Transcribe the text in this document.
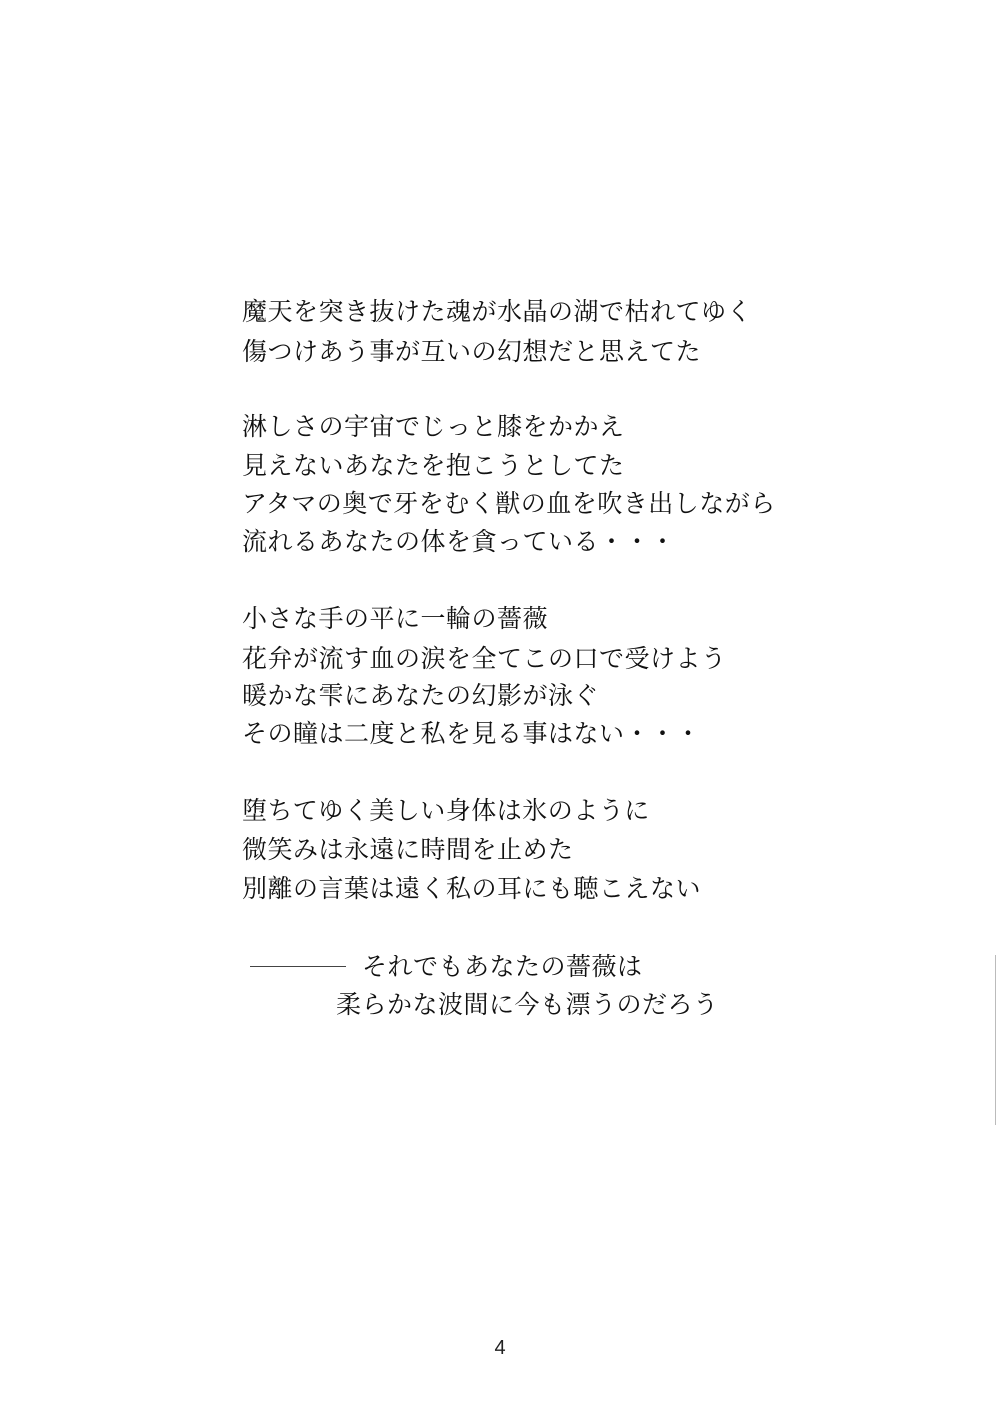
魔天を突き抜けた魂が水晶の湖で枯れてゆく
傷つけあう事が互いの幻想だと思えてた
淋しさの宇宙でじっと膝をかかえ
見えないあなたを抱こうとしてた
アタマの奥で牙をむく獣の血を吹き出しながら
流れるあなたの体を貪っている・・・
小さな手の平に一輪の薔薇
花弁が流す血の涙を全てこの口で受けよう
暖かな雫にあなたの幻影が泳ぐ
その瞳は二度と私を見る事はない・・・
堕ちてゆく美しい身体は氷のように
微笑みは永遠に時間を止めた
別離の言葉は遠く私の耳にも聴こえない
それでもあなたの薔薇は
柔らかな波間に今も漂うのだろう
4
